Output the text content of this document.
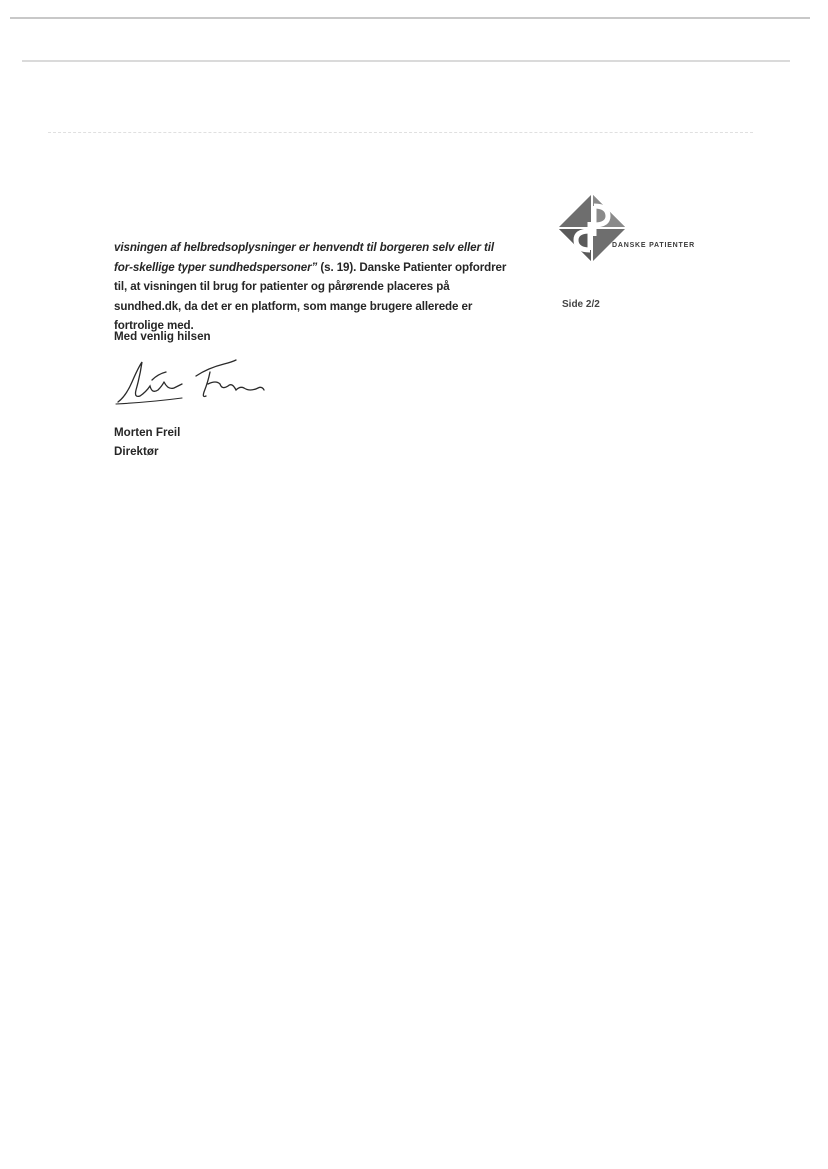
DANSKE PATIENTER
Side 2/2
visningen af helbredsoplysninger er henvendt til borgeren selv eller til for-skellige typer sundhedspersoner” (s. 19). Danske Patienter opfordrer til, at visningen til brug for patienter og pårørende placeres på sundhed.dk, da det er en platform, som mange brugere allerede er fortrolige med.
Med venlig hilsen
Morten Freil
Direktør
